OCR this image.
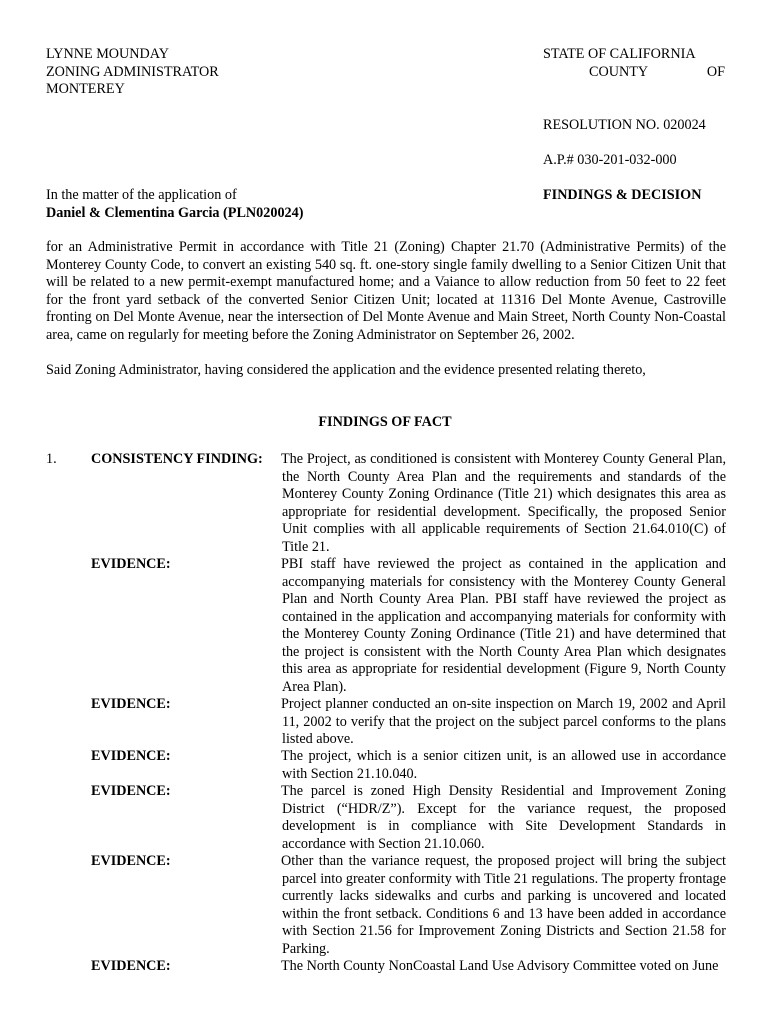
LYNNE MOUNDAY
ZONING ADMINISTRATOR
MONTEREY
STATE OF CALIFORNIA
COUNTY	OF
RESOLUTION NO. 020024
A.P.# 030-201-032-000
FINDINGS & DECISION
In the matter of the application of
Daniel & Clementina Garcia (PLN020024)
for an Administrative Permit in accordance with Title 21 (Zoning) Chapter 21.70 (Administrative Permits) of the Monterey County Code, to convert an existing 540 sq. ft. one-story single family dwelling to a Senior Citizen Unit that will be related to a new permit-exempt manufactured home; and a Vaiance to allow reduction from 50 feet to 22 feet for the front yard setback of the converted Senior Citizen Unit; located at 11316 Del Monte Avenue, Castroville fronting on Del Monte Avenue, near the intersection of Del Monte Avenue and Main Street, North County Non-Coastal area, came on regularly for meeting before the Zoning Administrator on September 26, 2002.
Said Zoning Administrator, having considered the application and the evidence presented relating thereto,
FINDINGS OF FACT
1. CONSISTENCY FINDING: The Project, as conditioned is consistent with Monterey County General Plan, the North County Area Plan and the requirements and standards of the Monterey County Zoning Ordinance (Title 21) which designates this area as appropriate for residential development. Specifically, the proposed Senior Unit complies with all applicable requirements of Section 21.64.010(C) of Title 21.
EVIDENCE:	PBI staff have reviewed the project as contained in the application and accompanying materials for consistency with the Monterey County General Plan and North County Area Plan. PBI staff have reviewed the project as contained in the application and accompanying materials for conformity with the Monterey County Zoning Ordinance (Title 21) and have determined that the project is consistent with the North County Area Plan which designates this area as appropriate for residential development (Figure 9, North County Area Plan).
EVIDENCE:	Project planner conducted an on-site inspection on March 19, 2002 and April 11, 2002 to verify that the project on the subject parcel conforms to the plans listed above.
EVIDENCE:	The project, which is a senior citizen unit, is an allowed use in accordance with Section 21.10.040.
EVIDENCE:	The parcel is zoned High Density Residential and Improvement Zoning District (“HDR/Z”). Except for the variance request, the proposed development is in compliance with Site Development Standards in accordance with Section 21.10.060.
EVIDENCE:	Other than the variance request, the proposed project will bring the subject parcel into greater conformity with Title 21 regulations. The property frontage currently lacks sidewalks and curbs and parking is uncovered and located within the front setback. Conditions 6 and 13 have been added in accordance with Section 21.56 for Improvement Zoning Districts and Section 21.58 for Parking.
EVIDENCE:	The North County NonCoastal Land Use Advisory Committee voted on June
